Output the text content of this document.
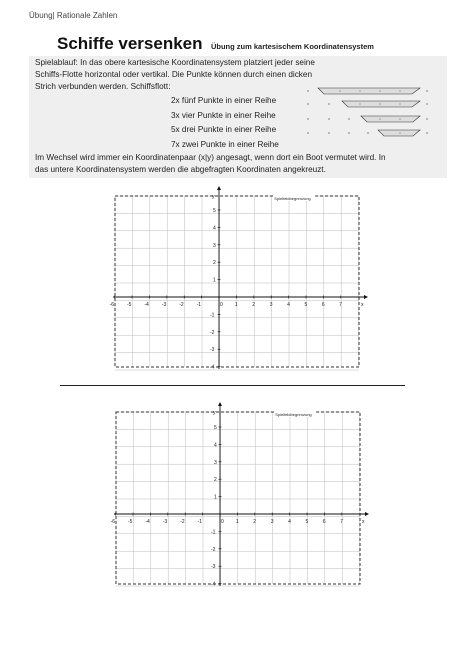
Übung| Rationale Zahlen
Schiffe versenken Übung zum kartesischem Koordinatensystem
Spielablauf: In das obere kartesische Koordinatensystem platziert jeder seine
Schiffs-Flotte horizontal oder vertikal. Die Punkte können durch einen dicken
Strich verbunden werden. Schiffsflott:
2x fünf Punkte in einer Reihe
3x vier Punkte in einer Reihe
5x drei Punkte in einer Reihe
7x zwei Punkte in einer Reihe
Spielfeldbegrenzung
x
y
-6	-5	-4	-3	-2	-1	0 1	2	3	4	5	6	7
5
4
3
2
1
-1
-2
-3
-4
Spielfeldbegrenzung
x
y
-6	-5	-4	-3	-2	-1	0 1	2	3	4	5	6	7
5
4
3
2
1
-1
-2
-3
-4
Im Wechsel wird immer ein Koordinatenpaar (x|y) angesagt, wenn dort ein Boot vermutet wird. In
das untere Koordinatensystem werden die abgefragten Koordinaten angekreuzt.
